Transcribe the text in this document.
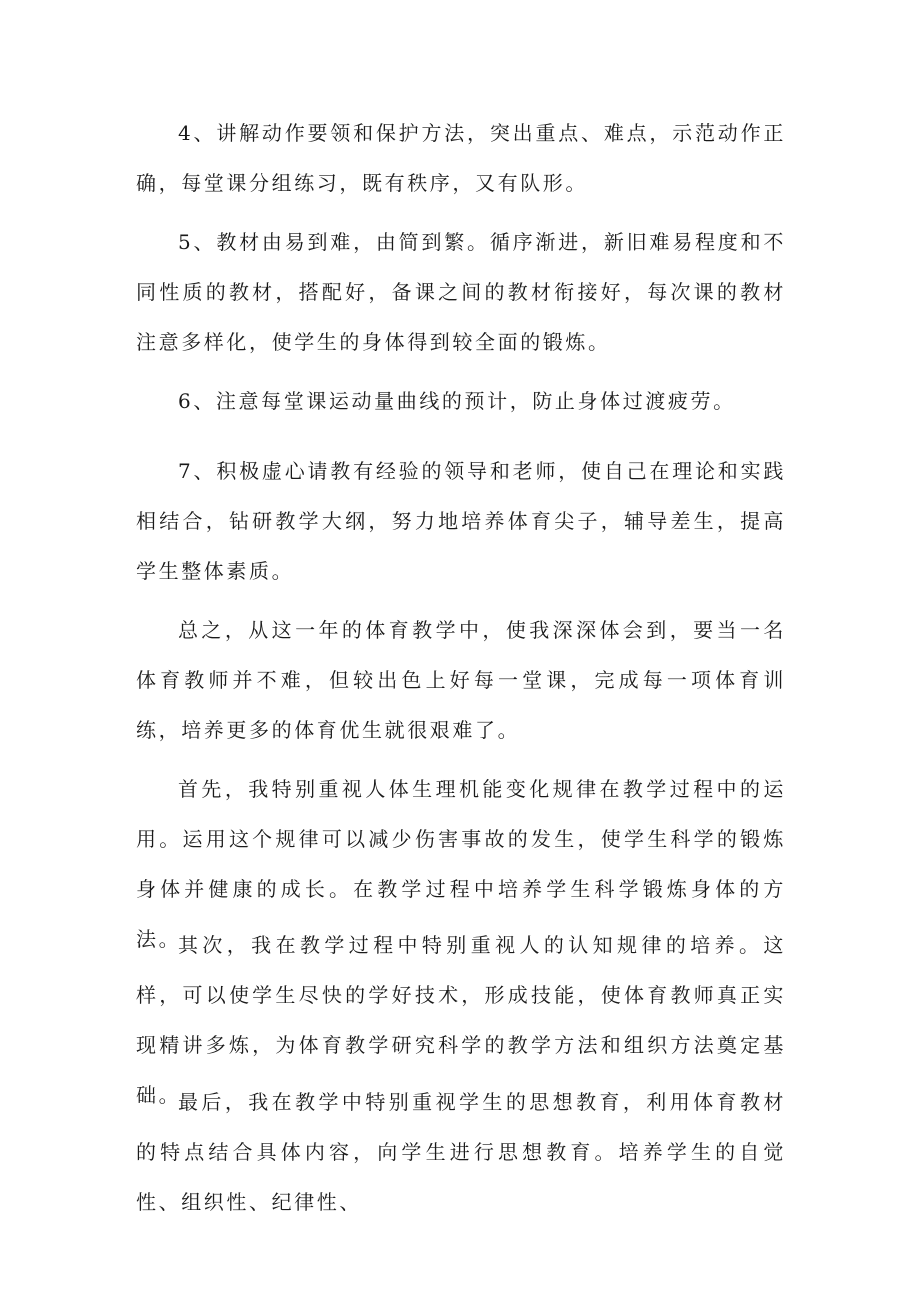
4、讲解动作要领和保护方法，突出重点、难点，示范动作正确，每堂课分组练习，既有秩序，又有队形。

5、教材由易到难，由简到繁。循序渐进，新旧难易程度和不同性质的教材，搭配好，备课之间的教材衔接好，每次课的教材注意多样化，使学生的身体得到较全面的锻炼。

6、注意每堂课运动量曲线的预计，防止身体过渡疲劳。

7、积极虚心请教有经验的领导和老师，使自己在理论和实践相结合，钻研教学大纲，努力地培养体育尖子，辅导差生，提高学生整体素质。

总之，从这一年的体育教学中，使我深深体会到，要当一名体育教师并不难，但较出色上好每一堂课，完成每一项体育训练，培养更多的体育优生就很艰难了。

首先，我特别重视人体生理机能变化规律在教学过程中的运用。运用这个规律可以减少伤害事故的发生，使学生科学的锻炼身体并健康的成长。在教学过程中培养学生科学锻炼身体的方法。

其次，我在教学过程中特别重视人的认知规律的培养。这样，可以使学生尽快的学好技术，形成技能，使体育教师真正实现精讲多炼，为体育教学研究科学的教学方法和组织方法奠定基础。

最后，我在教学中特别重视学生的思想教育，利用体育教材的特点结合具体内容，向学生进行思想教育。培养学生的自觉性、组织性、纪律性、
